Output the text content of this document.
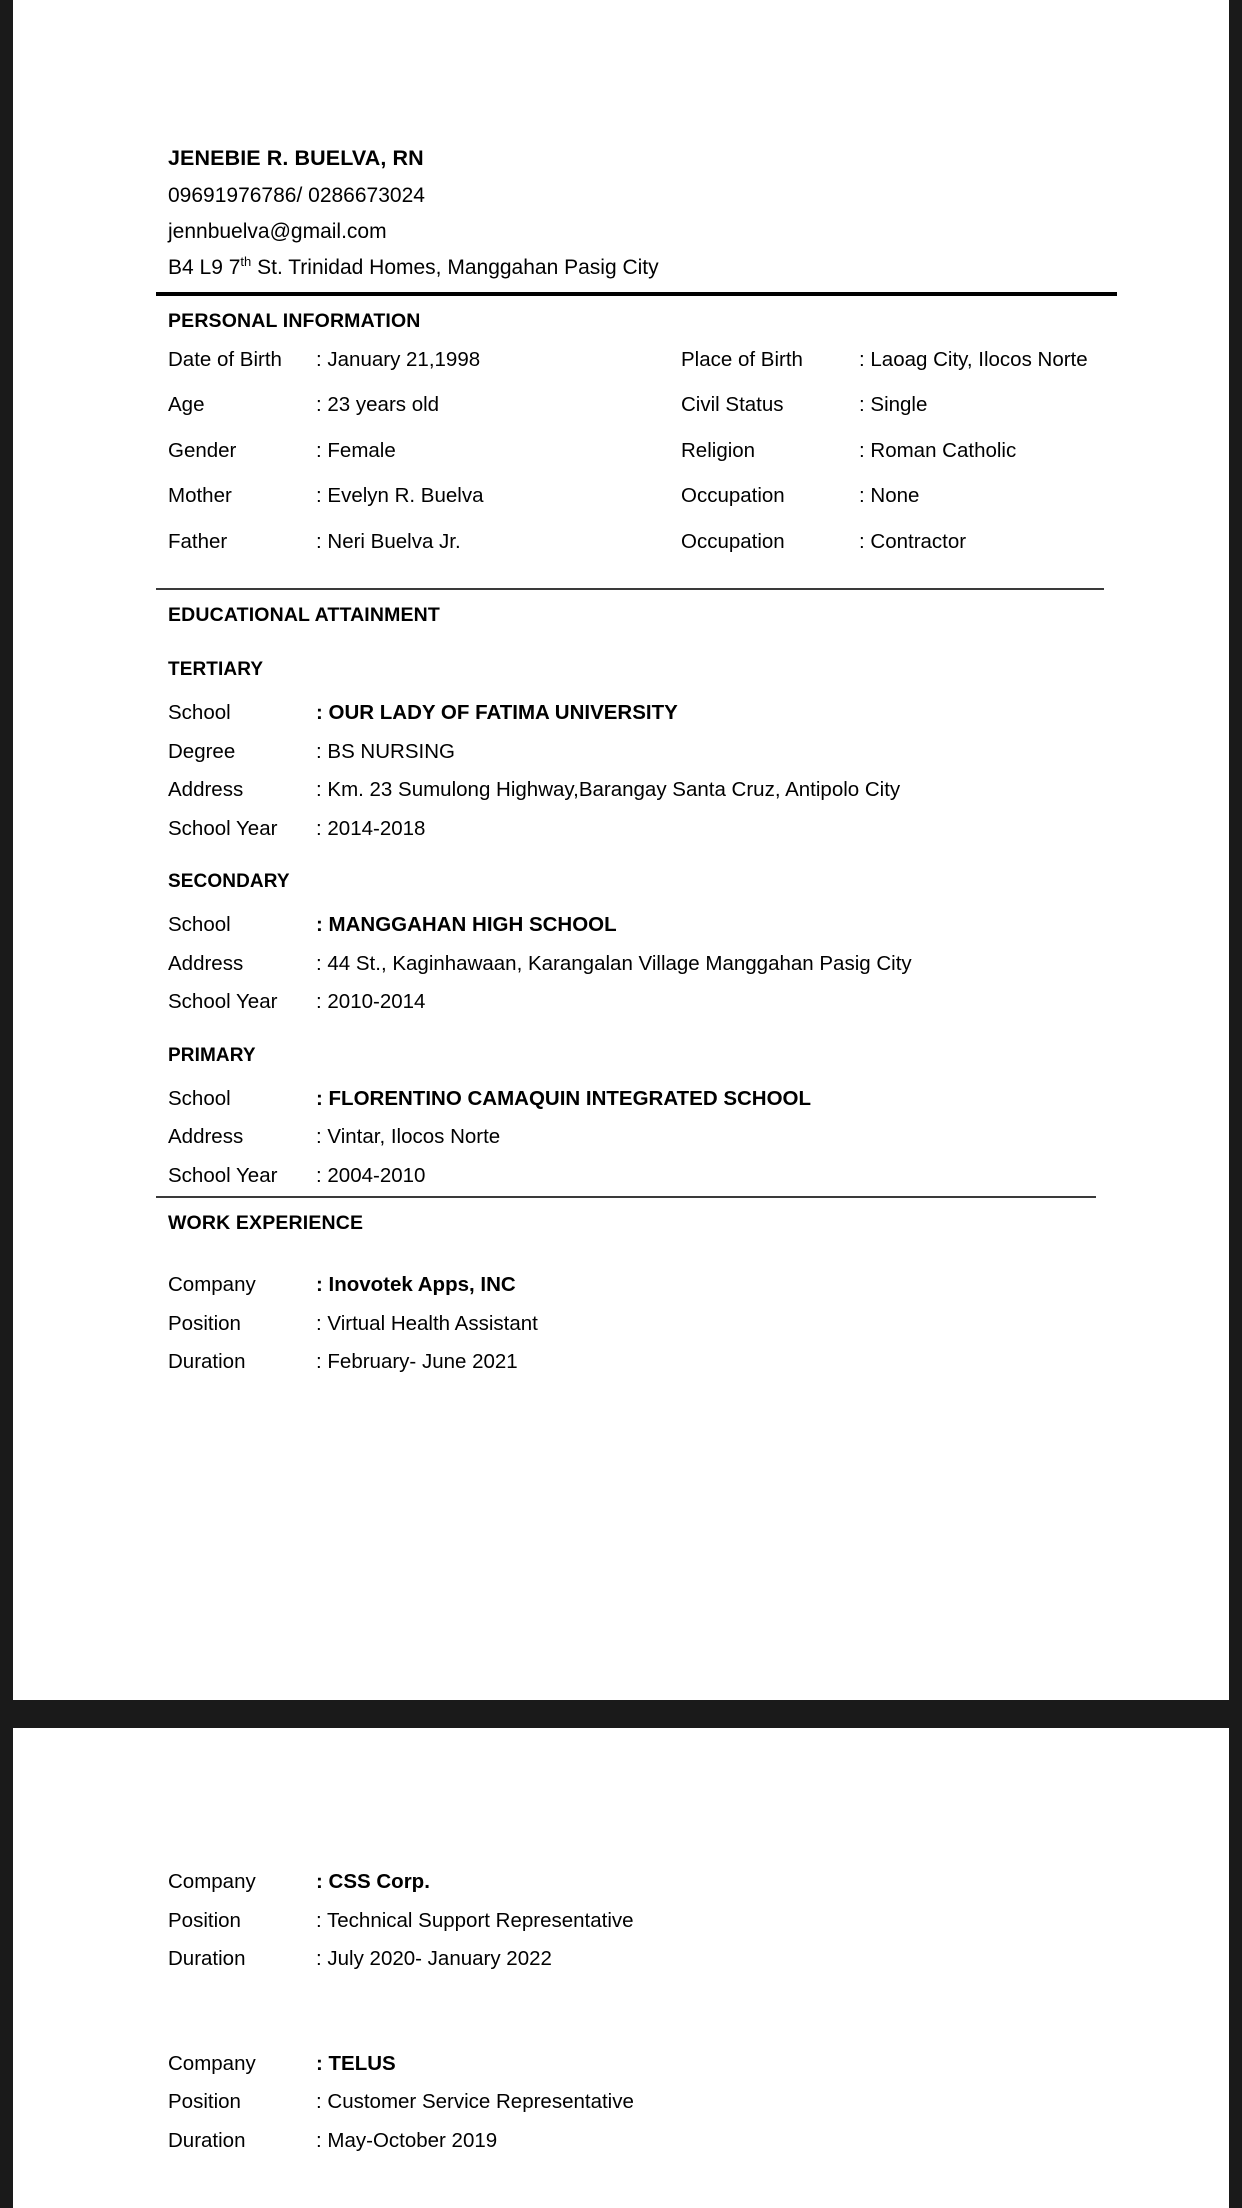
JENEBIE R. BUELVA, RN
09691976786/ 0286673024
jennbuelva@gmail.com
B4 L9 7th St. Trinidad Homes, Manggahan Pasig City
PERSONAL INFORMATION
Date of Birth	: January 21,1998	Place of Birth	: Laoag City, Ilocos Norte
Age	: 23 years old	Civil Status	: Single
Gender	: Female	Religion	: Roman Catholic
Mother	: Evelyn R. Buelva	Occupation	: None
Father	: Neri Buelva Jr.	Occupation	: Contractor
EDUCATIONAL ATTAINMENT
TERTIARY
School	: OUR LADY OF FATIMA UNIVERSITY
Degree	: BS NURSING
Address	: Km. 23 Sumulong Highway,Barangay Santa Cruz, Antipolo City
School Year	: 2014-2018
SECONDARY
School	: MANGGAHAN HIGH SCHOOL
Address	: 44 St., Kaginhawaan, Karangalan Village Manggahan Pasig City
School Year	: 2010-2014
PRIMARY
School	: FLORENTINO CAMAQUIN INTEGRATED SCHOOL
Address	: Vintar, Ilocos Norte
School Year	: 2004-2010
WORK EXPERIENCE
Company	: Inovotek Apps, INC
Position	: Virtual Health Assistant
Duration	: February- June 2021
Company	: CSS Corp.
Position	: Technical Support Representative
Duration	: July 2020- January 2022
Company	: TELUS
Position	: Customer Service Representative
Duration	: May-October 2019
